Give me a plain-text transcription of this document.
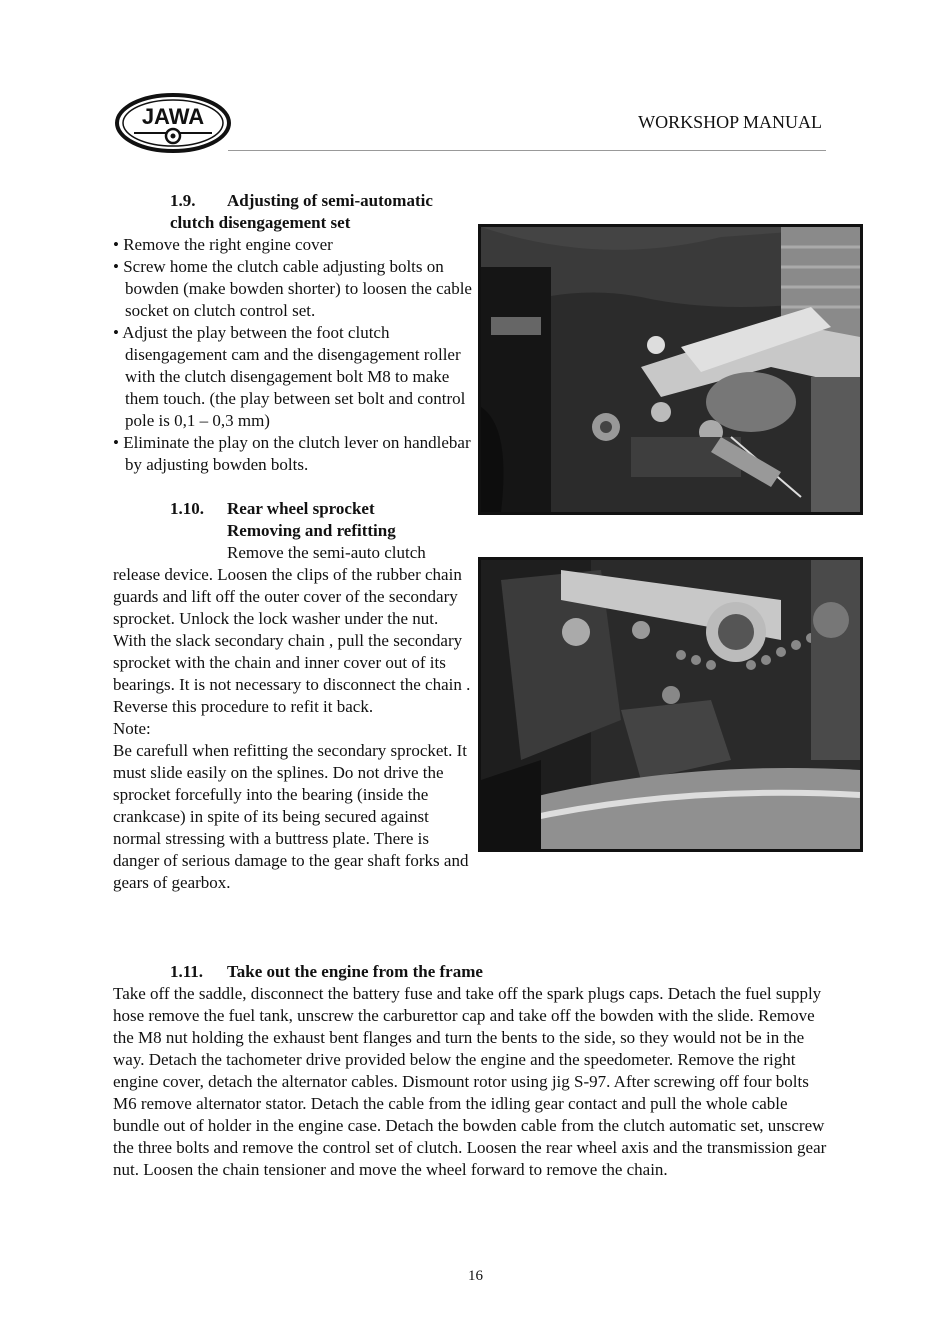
JAWA	WORKSHOP MANUAL
1.9. Adjusting of semi-automatic
clutch disengagement set
• Remove the right engine cover
• Screw home the clutch cable adjusting bolts on bowden (make bowden shorter) to loosen the cable socket on clutch control set.
• Adjust the play between the foot clutch disengagement cam and the disengagement roller with the clutch disengagement bolt M8 to make them touch. (the play between set bolt and control pole is 0,1 – 0,3 mm)
• Eliminate the play on the clutch lever on handlebar by adjusting bowden bolts.
1.10. Rear wheel sprocket
Removing and refitting
Remove the semi-auto clutch
release device. Loosen the clips of the rubber chain guards and lift off the outer cover of the secondary sprocket. Unlock the lock washer under the nut. With the slack secondary chain , pull the secondary sprocket with the chain and inner cover out of its bearings. It is not necessary to disconnect the chain . Reverse this procedure to refit it back.
Note:
Be carefull when refitting the secondary sprocket. It must slide easily on the splines. Do not drive the sprocket forcefully into the bearing (inside the crankcase) in spite of its being secured against normal stressing with a buttress plate. There is danger of serious damage to the gear shaft forks and gears of gearbox.
1.11. Take out the engine from the frame
Take off the saddle, disconnect the battery fuse and take off the spark plugs caps. Detach the fuel supply hose remove the fuel tank, unscrew the carburettor cap and take off the bowden with the slide. Remove the M8 nut holding the exhaust bent flanges and turn the bents to the side, so they would not be in the way. Detach the tachometer drive provided below the engine and the speedometer. Remove the right engine cover, detach the alternator cables. Dismount rotor using jig S-97. After screwing off four bolts M6 remove alternator stator. Detach the cable from the idling gear contact and pull the whole cable bundle out of holder in the engine case. Detach the bowden cable from the clutch automatic set, unscrew the three bolts and remove the control set of clutch. Loosen the rear wheel axis and the transmission gear nut. Loosen the chain tensioner and move the wheel forward to remove the chain.
16
